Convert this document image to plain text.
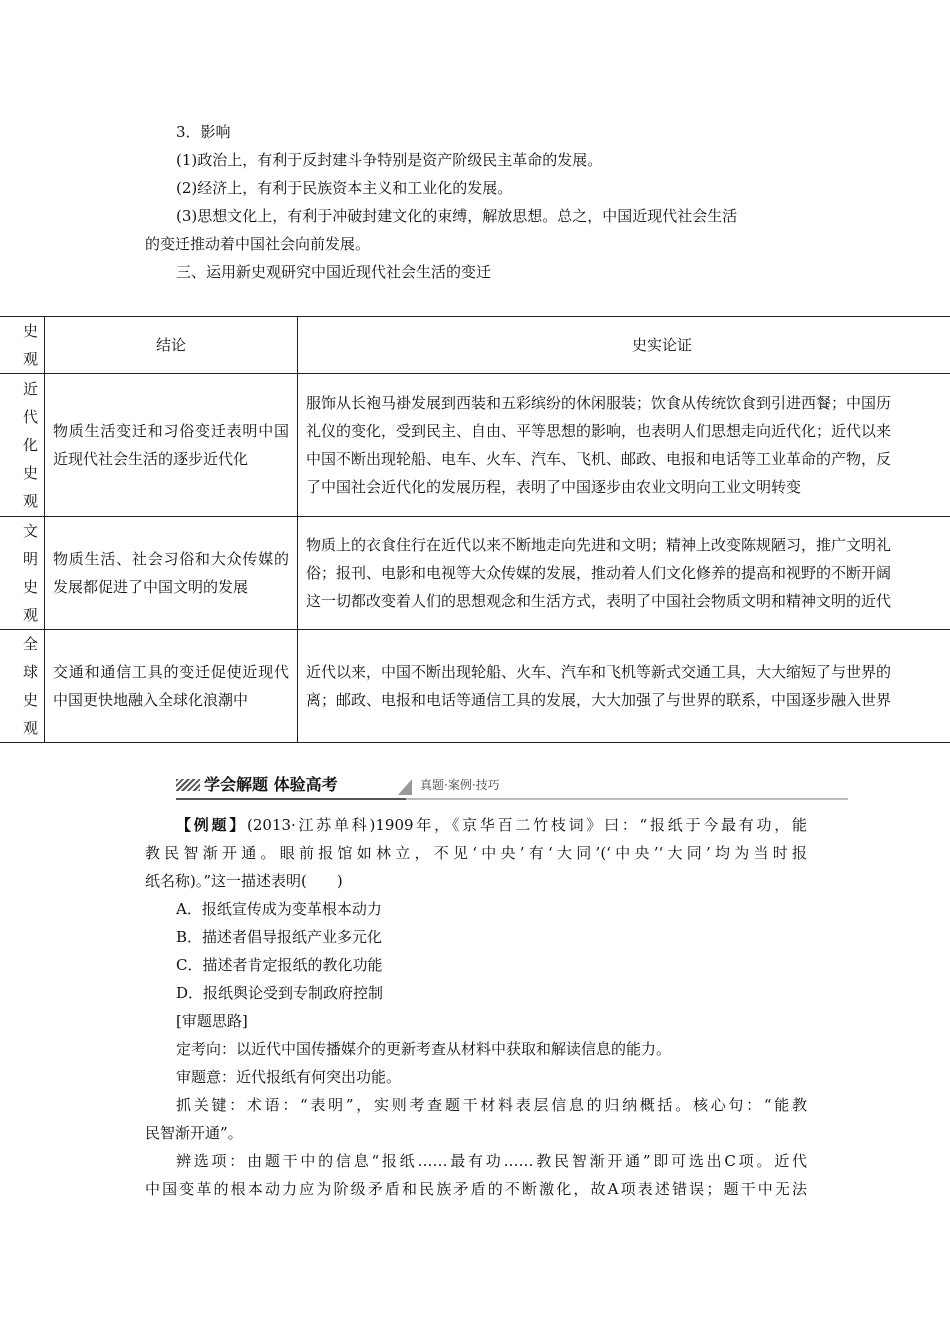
3．影响
(1)政治上，有利于反封建斗争特别是资产阶级民主革命的发展。
(2)经济上，有利于民族资本主义和工业化的发展。
(3)思想文化上，有利于冲破封建文化的束缚，解放思想。总之，中国近现代社会生活
的变迁推动着中国社会向前发展。
三、运用新史观研究中国近现代社会生活的变迁
史观	结论	史实论证
近代化史观	物质生活变迁和习俗变迁表明中国近现代社会生活的逐步近代化	服饰从长袍马褂发展到西装和五彩缤纷的休闲服装；饮食从传统饮食到引进西餐；中国历
礼仪的变化，受到民主、自由、平等思想的影响，也表明人们思想走向近代化；近代以来
中国不断出现轮船、电车、火车、汽车、飞机、邮政、电报和电话等工业革命的产物，反
了中国社会近代化的发展历程，表明了中国逐步由农业文明向工业文明转变

文明史观	物质生活、社会习俗和大众传媒的发展都促进了中国文明的发展	物质上的衣食住行在近代以来不断地走向先进和文明；精神上改变陈规陋习，推广文明礼
俗；报刊、电影和电视等大众传媒的发展，推动着人们文化修养的提高和视野的不断开阔
这一切都改变着人们的思想观念和生活方式，表明了中国社会物质文明和精神文明的近代

全球史观	交通和通信工具的变迁促使近现代中国更快地融入全球化浪潮中	近代以来，中国不断出现轮船、火车、汽车和飞机等新式交通工具，大大缩短了与世界的
离；邮政、电报和电话等通信工具的发展，大大加强了与世界的联系，中国逐步融入世界
学会解题 体验高考	真题·案例·技巧
【例题】(2013·江苏单科)1909年，《京华百二竹枝词》曰：“报纸于今最有功，能
教民智渐开通。眼前报馆如林立，不见‘中央’有‘大同’(‘中央’‘大同’均为当时报
纸名称)。”这一描述表明(　　)
A．报纸宣传成为变革根本动力
B．描述者倡导报纸产业多元化
C．描述者肯定报纸的教化功能
D．报纸舆论受到专制政府控制
[审题思路]
定考向：以近代中国传播媒介的更新考查从材料中获取和解读信息的能力。
审题意：近代报纸有何突出功能。
抓关键：术语：“表明”，实则考查题干材料表层信息的归纳概括。核心句：“能教
民智渐开通”。
辨选项：由题干中的信息“报纸……最有功……教民智渐开通”即可选出C项。近代
中国变革的根本动力应为阶级矛盾和民族矛盾的不断激化，故A项表述错误；题干中无法
